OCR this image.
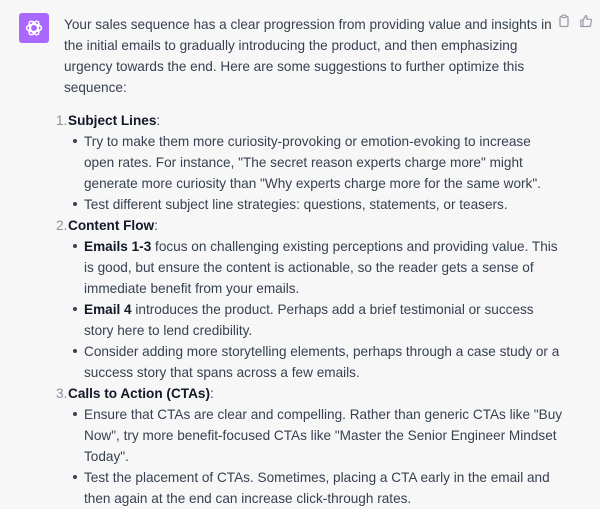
Your sales sequence has a clear progression from providing value and insights in the initial emails to gradually introducing the product, and then emphasizing urgency towards the end. Here are some suggestions to further optimize this sequence:

1. Subject Lines:
Try to make them more curiosity-provoking or emotion-evoking to increase open rates. For instance, "The secret reason experts charge more" might generate more curiosity than "Why experts charge more for the same work".
Test different subject line strategies: questions, statements, or teasers.
2. Content Flow:
Emails 1-3 focus on challenging existing perceptions and providing value. This is good, but ensure the content is actionable, so the reader gets a sense of immediate benefit from your emails.
Email 4 introduces the product. Perhaps add a brief testimonial or success story here to lend credibility.
Consider adding more storytelling elements, perhaps through a case study or a success story that spans across a few emails.
3. Calls to Action (CTAs):
Ensure that CTAs are clear and compelling. Rather than generic CTAs like "Buy Now", try more benefit-focused CTAs like "Master the Senior Engineer Mindset Today".
Test the placement of CTAs. Sometimes, placing a CTA early in the email and then again at the end can increase click-through rates.
